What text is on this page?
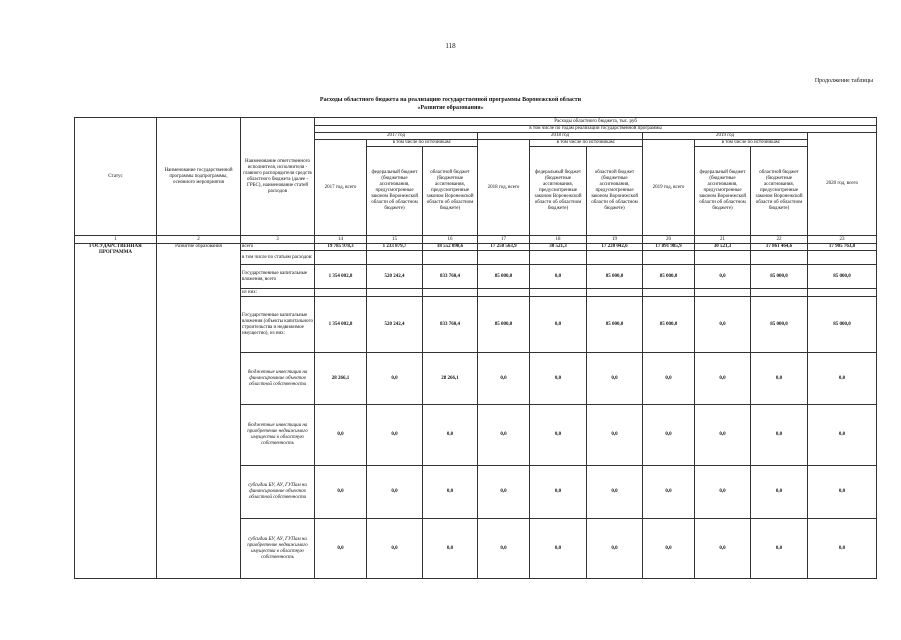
118
Продолжение таблицы
Расходы областного бюджета на реализацию государственной программы Воронежской области
«Развитие образования»
Статус	Наименование государственной программы подпрограммы, основного мероприятия	Наименование ответственного исполнителя, исполнителя - главного распорядителя средств областного бюджета (далее - ГРБС), наименование статей расходов	Расходы областного бюджета, тыс. руб									
			в том числе по годам реализации государственной программы									
			2017 год			2018 год			2019 год			2020 год, всего
			2017 год, всего	в том числе по источникам:		2018 год, всего	в том числе по источникам:		2019 год, всего	в том числе по источникам:		
				федеральный бюджет (бюджетные ассигнования, предусмотренные законом Воронежской области об областном бюджете)	областной бюджет (бюджетные ассигнования, предусмотренные законом Воронежской области об областном бюджете)		федеральный бюджет (бюджетные ассигнования, предусмотренные законом Воронежской области об областном бюджете)	областной бюджет (бюджетные ассигнования, предусмотренные законом Воронежской области об областном бюджете)		федеральный бюджет (бюджетные ассигнования, предусмотренные законом Воронежской области об областном бюджете)	областной бюджет (бюджетные ассигнования, предусмотренные законом Воронежской области об областном бюджете)	
1	2	3	14	15	16	17	18	19	20	21	22	23
ГОСУДАРСТВЕННАЯ ПРОГРАММА	Развитие образования	всего	19 785 978,3	1 233 879,7	18 552 098,6	17 250 563,9	30 521,3	17 220 042,6	17 891 985,9	30 521,3	17 861 464,6	17 905 763,8
		в том числе по статьям расходов:										
		Государственные капитальные вложения, всего	1 354 002,8	520 242,4	833 760,4	85 000,0	0,0	85 000,0	85 000,0	0,0	85 000,0	85 000,0
		из них:										
		Государственные капитальные вложения (объекты капитального строительства и недвижимое имущество), из них:	1 354 002,8	520 242,4	833 760,4	85 000,0	0,0	85 000,0	85 000,0	0,0	85 000,0	85 000,0
		бюджетные инвестиции на финансирование объектов областной собственности	28 266,1	0,0	28 266,1	0,0	0,0	0,0	0,0	0,0	0,0	0,0
		бюджетные инвестиции на приобретение недвижимого имущества в областную собственность	0,0	0,0	0,0	0,0	0,0	0,0	0,0	0,0	0,0	0,0
		субсидии БУ, АУ, ГУПам на финансирование объектов областной собственности	0,0	0,0	0,0	0,0	0,0	0,0	0,0	0,0	0,0	0,0
		субсидии БУ, АУ, ГУПам на приобретение недвижимого имущества в областную собственность	0,0	0,0	0,0	0,0	0,0	0,0	0,0	0,0	0,0	0,0
